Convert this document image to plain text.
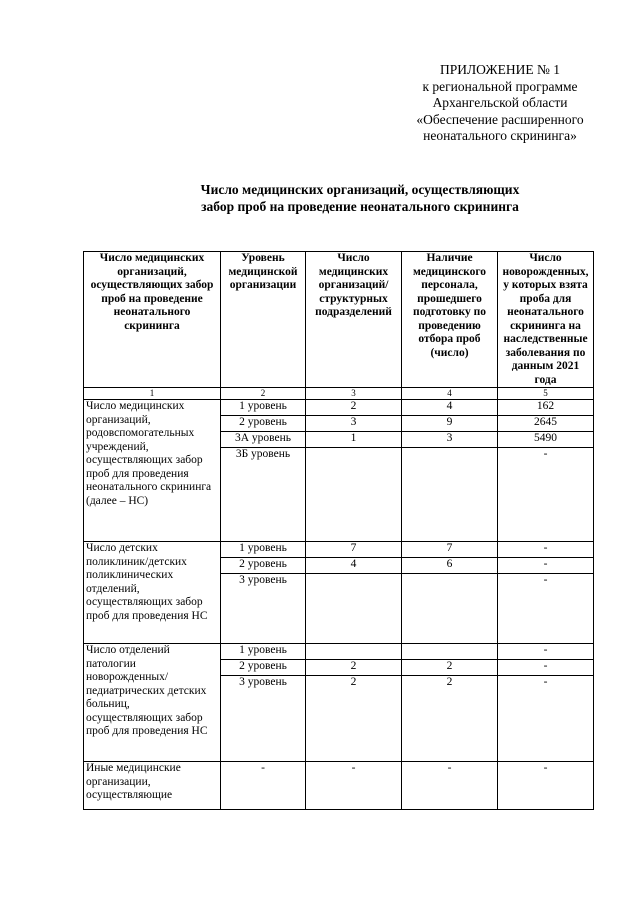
ПРИЛОЖЕНИЕ № 1
к региональной программе
Архангельской области
«Обеспечение расширенного
неонатального скрининга»
Число медицинских организаций, осуществляющих
забор проб на проведение неонатального скрининга
Число медицинских организаций, осуществляющих забор проб на проведение неонатального скрининга	Уровень медицинской организации	Число медицинских организаций/ структурных подразделений	Наличие медицинского персонала, прошедшего подготовку по проведению отбора проб (число)	Число новорожденных, у которых взята проба для неонатального скрининга на наследственные заболевания по данным 2021 года
1	2	3	4	5
Число медицинских организаций, родовспомогательных учреждений, осуществляющих забор проб для проведения неонатального скрининга (далее – НС)	1 уровень	2	4	162
	2 уровень	3	9	2645
	3А уровень	1	3	5490
	3Б уровень			-
Число детских поликлиник/детских поликлинических отделений, осуществляющих забор проб для проведения НС	1 уровень	7	7	-
	2 уровень	4	6	-
	3 уровень			-
Число отделений патологии новорожденных/педиатрических детских больниц, осуществляющих забор проб для проведения НС	1 уровень			-
	2 уровень	2	2	-
	3 уровень	2	2	-
Иные медицинские организации, осуществляющие	-	-	-	-
